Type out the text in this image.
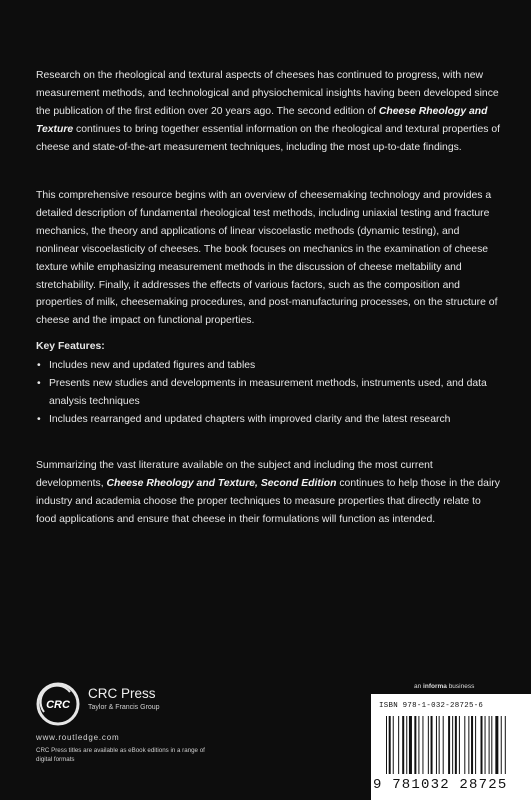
Research on the rheological and textural aspects of cheeses has continued to progress, with new measurement methods, and technological and physiochemical insights having been developed since the publication of the first edition over 20 years ago. The second edition of Cheese Rheology and Texture continues to bring together essential information on the rheological and textural properties of cheese and state-of-the-art measurement techniques, including the most up-to-date findings.

This comprehensive resource begins with an overview of cheesemaking technology and provides a detailed description of fundamental rheological test methods, including uniaxial testing and fracture mechanics, the theory and applications of linear viscoelastic methods (dynamic testing), and nonlinear viscoelasticity of cheeses. The book focuses on mechanics in the examination of cheese texture while emphasizing measurement methods in the discussion of cheese meltability and stretchability. Finally, it addresses the effects of various factors, such as the composition and properties of milk, cheesemaking procedures, and post-manufacturing processes, on the structure of cheese and the impact on functional properties.

Key Features:

• Includes new and updated figures and tables
• Presents new studies and developments in measurement methods, instruments used, and data analysis techniques
• Includes rearranged and updated chapters with improved clarity and the latest research

Summarizing the vast literature available on the subject and including the most current developments, Cheese Rheology and Texture, Second Edition continues to help those in the dairy industry and academia choose the proper techniques to measure properties that directly relate to food applications and ensure that cheese in their formulations will function as intended.

CRC
CRC Press
Taylor & Francis Group
www.routledge.com
CRC Press titles are available as eBook editions in a range of digital formats
an informa business
ISBN 978-1-032-28725-6
9 781032 28725
